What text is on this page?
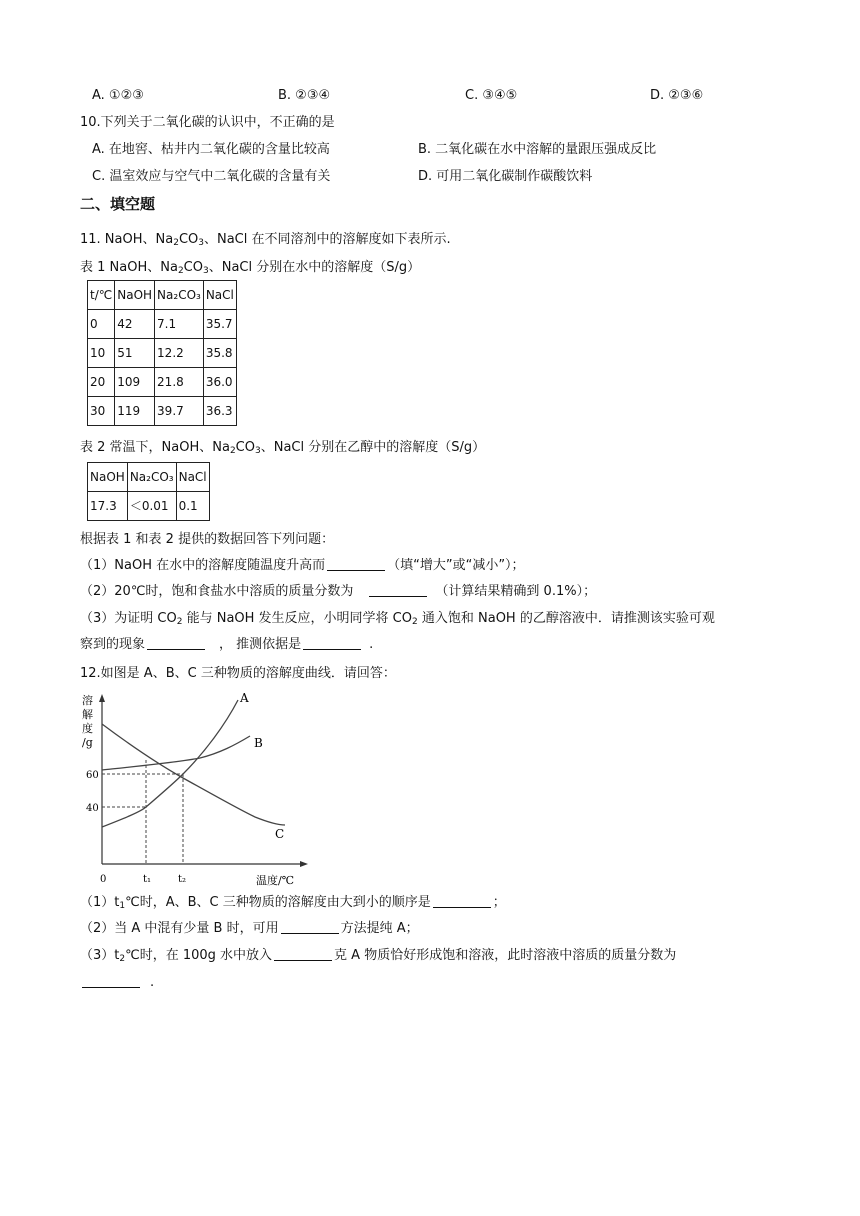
A. ①②③	B. ②③④	C. ③④⑤	D. ②③⑥
10.下列关于二氧化碳的认识中，不正确的是
A. 在地窖、枯井内二氧化碳的含量比较高	B. 二氧化碳在水中溶解的量跟压强成反比
C. 温室效应与空气中二氧化碳的含量有关	D. 可用二氧化碳制作碳酸饮料
二、填空题
11. NaOH、$Na_2CO_3$、NaCl 在不同溶剂中的溶解度如下表所示.
表 1 NaOH、$Na_2CO_3$、NaCl 分别在水中的溶解度（S/g）
t/℃	NaOH	Na₂CO₃	NaCl
0	42	7.1	35.7
10	51	12.2	35.8
20	109	21.8	36.0
30	119	39.7	36.3
表 2 常温下，NaOH、$Na_2CO_3$、NaCl 分别在乙醇中的溶解度（S/g）
NaOH	Na₂CO₃	NaCl
17.3	＜0.01	0.1
根据表 1 和表 2 提供的数据回答下列问题：
（1）NaOH 在水中的溶解度随温度升高而	（填“增大”或“减小”）；
（2）20℃时，饱和食盐水中溶质的质量分数为	（计算结果精确到 0.1%）；
（3）为证明 $CO_2$ 能与 NaOH 发生反应，小明同学将 $CO_2$ 通入饱和 NaOH 的乙醇溶液中．请推测该实验可观
察到的现象	， 推测依据是	.
12.如图是 A、B、C 三种物质的溶解度曲线．请回答：
溶
解
度
/g
60
40
0	t₁	t₂	温度/℃
A
B
C
$(1)t_1℃$时，A、B、C 三种物质的溶解度由大到小的顺序是	；
（2）当 A 中混有少量 B 时，可用	方法提纯 A；
$(3)t_2℃$时，在 100g 水中放入	克 A 物质恰好形成饱和溶液，此时溶液中溶质的质量分数为
.
